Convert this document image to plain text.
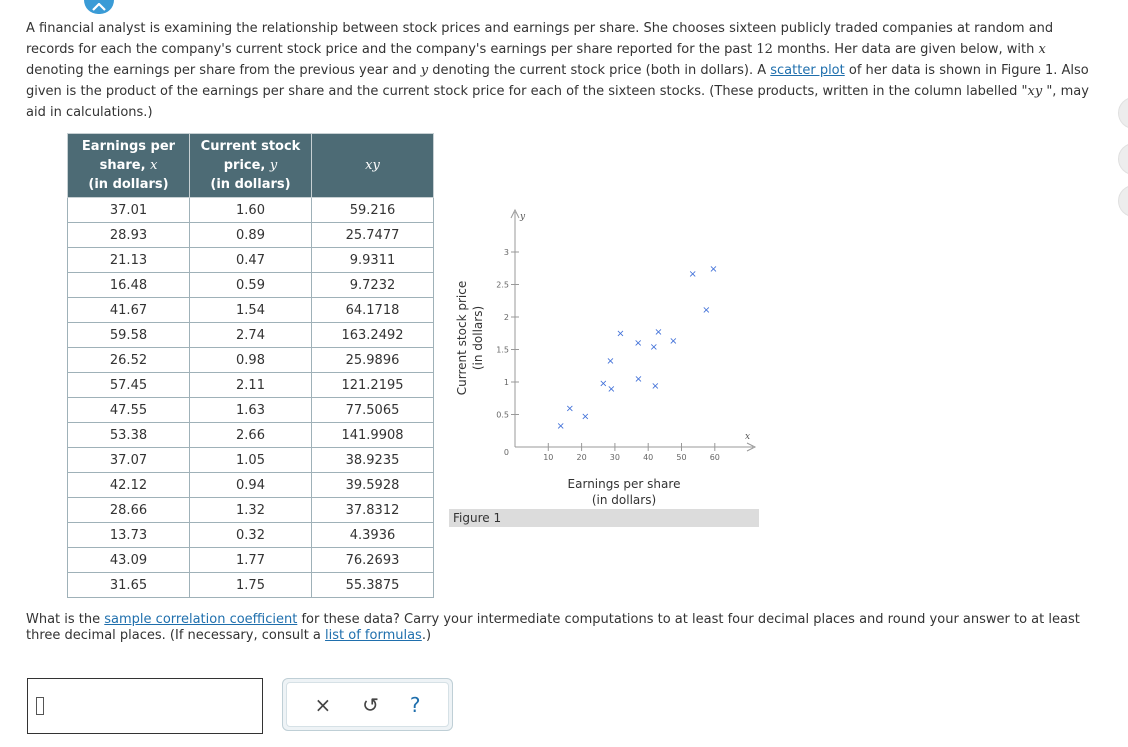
A financial analyst is examining the relationship between stock prices and earnings per share. She chooses sixteen publicly traded companies at random and records for each the company's current stock price and the company's earnings per share reported for the past 12 months. Her data are given below, with x denoting the earnings per share from the previous year and y denoting the current stock price (both in dollars). A scatter plot of her data is shown in Figure 1. Also given is the product of the earnings per share and the current stock price for each of the sixteen stocks. (These products, written in the column labelled "xy ", may aid in calculations.)
Earnings per
share, x
(in dollars)	Current stock
price, y
(in dollars)	xy
37.01	1.60	59.216
28.93	0.89	25.7477
21.13	0.47	9.9311
16.48	0.59	9.7232
41.67	1.54	64.1718
59.58	2.74	163.2492
26.52	0.98	25.9896
57.45	2.11	121.2195
47.55	1.63	77.5065
53.38	2.66	141.9908
37.07	1.05	38.9235
42.12	0.94	39.5928
28.66	1.32	37.8312
13.73	0.32	4.3936
43.09	1.77	76.2693
31.65	1.75	55.3875
10	20	30	40	50	60
0.5
1
1.5
2
2.5
3
0
x
y
Earnings per share
(in dollars)
Current stock price (in dollars)	×
×
×
×
×
×
×
×
×
×
×
×
×
×
×
×
Figure 1
What is the sample correlation coefficient for these data? Carry your intermediate computations to at least four decimal places and round your answer to at least three decimal places. (If necessary, consult a list of formulas.)
× ↺ ?
